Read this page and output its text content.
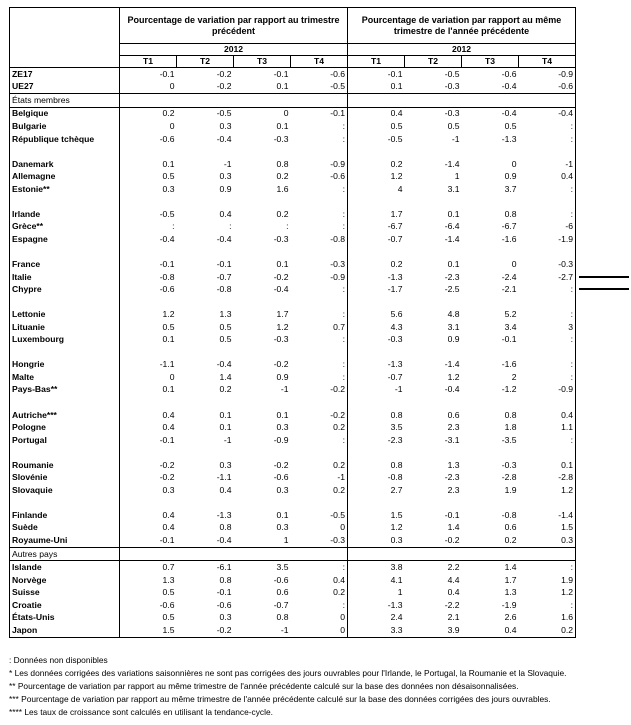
	Pourcentage de variation par rapport au trimestre précédent				Pourcentage de variation par rapport au même trimestre de l'année précédente			
	2012				2012			
	T1	T2	T3	T4	T1	T2	T3	T4
ZE17	-0.1	-0.2	-0.1	-0.6	-0.1	-0.5	-0.6	-0.9
UE27	0	-0.2	0.1	-0.5	0.1	-0.3	-0.4	-0.6
États membres								
Belgique	0.2	-0.5	0	-0.1	0.4	-0.3	-0.4	-0.4
Bulgarie	0	0.3	0.1	:	0.5	0.5	0.5	:
République tchèque	-0.6	-0.4	-0.3	:	-0.5	-1	-1.3	:

Danemark	0.1	-1	0.8	-0.9	0.2	-1.4	0	-1
Allemagne	0.5	0.3	0.2	-0.6	1.2	1	0.9	0.4
Estonie**	0.3	0.9	1.6	:	4	3.1	3.7	:

Irlande	-0.5	0.4	0.2	:	1.7	0.1	0.8	:
Grèce**	:	:	:	:	-6.7	-6.4	-6.7	-6
Espagne	-0.4	-0.4	-0.3	-0.8	-0.7	-1.4	-1.6	-1.9

France	-0.1	-0.1	0.1	-0.3	0.2	0.1	0	-0.3
Italie	-0.8	-0.7	-0.2	-0.9	-1.3	-2.3	-2.4	-2.7
Chypre	-0.6	-0.8	-0.4	:	-1.7	-2.5	-2.1	:

Lettonie	1.2	1.3	1.7	:	5.6	4.8	5.2	:
Lituanie	0.5	0.5	1.2	0.7	4.3	3.1	3.4	3
Luxembourg	0.1	0.5	-0.3	:	-0.3	0.9	-0.1	:

Hongrie	-1.1	-0.4	-0.2	:	-1.3	-1.4	-1.6	:
Malte	0	1.4	0.9	:	-0.7	1.2	2	:
Pays-Bas**	0.1	0.2	-1	-0.2	-1	-0.4	-1.2	-0.9

Autriche***	0.4	0.1	0.1	-0.2	0.8	0.6	0.8	0.4
Pologne	0.4	0.1	0.3	0.2	3.5	2.3	1.8	1.1
Portugal	-0.1	-1	-0.9	:	-2.3	-3.1	-3.5	:

Roumanie	-0.2	0.3	-0.2	0.2	0.8	1.3	-0.3	0.1
Slovénie	-0.2	-1.1	-0.6	-1	-0.8	-2.3	-2.8	-2.8
Slovaquie	0.3	0.4	0.3	0.2	2.7	2.3	1.9	1.2

Finlande	0.4	-1.3	0.1	-0.5	1.5	-0.1	-0.8	-1.4
Suède	0.4	0.8	0.3	0	1.2	1.4	0.6	1.5
Royaume-Uni	-0.1	-0.4	1	-0.3	0.3	-0.2	0.2	0.3
Autres pays								
Islande	0.7	-6.1	3.5	:	3.8	2.2	1.4	:
Norvège	1.3	0.8	-0.6	0.4	4.1	4.4	1.7	1.9
Suisse	0.5	-0.1	0.6	0.2	1	0.4	1.3	1.2
Croatie	-0.6	-0.6	-0.7	:	-1.3	-2.2	-1.9	:
États-Unis	0.5	0.3	0.8	0	2.4	2.1	2.6	1.6
Japon	1.5	-0.2	-1	0	3.3	3.9	0.4	0.2
: Données non disponibles
* Les données corrigées des variations saisonnières ne sont pas corrigées des jours ouvrables pour l'Irlande, le Portugal, la Roumanie et la Slovaquie.
** Pourcentage de variation par rapport au même trimestre de l'année précédente calculé sur la base des données non désaisonnalisées.
*** Pourcentage de variation par rapport au même trimestre de l'année précédente calculé sur la base des données corrigées des jours ouvrables.
**** Les taux de croissance sont calculés en utilisant la tendance-cycle.
